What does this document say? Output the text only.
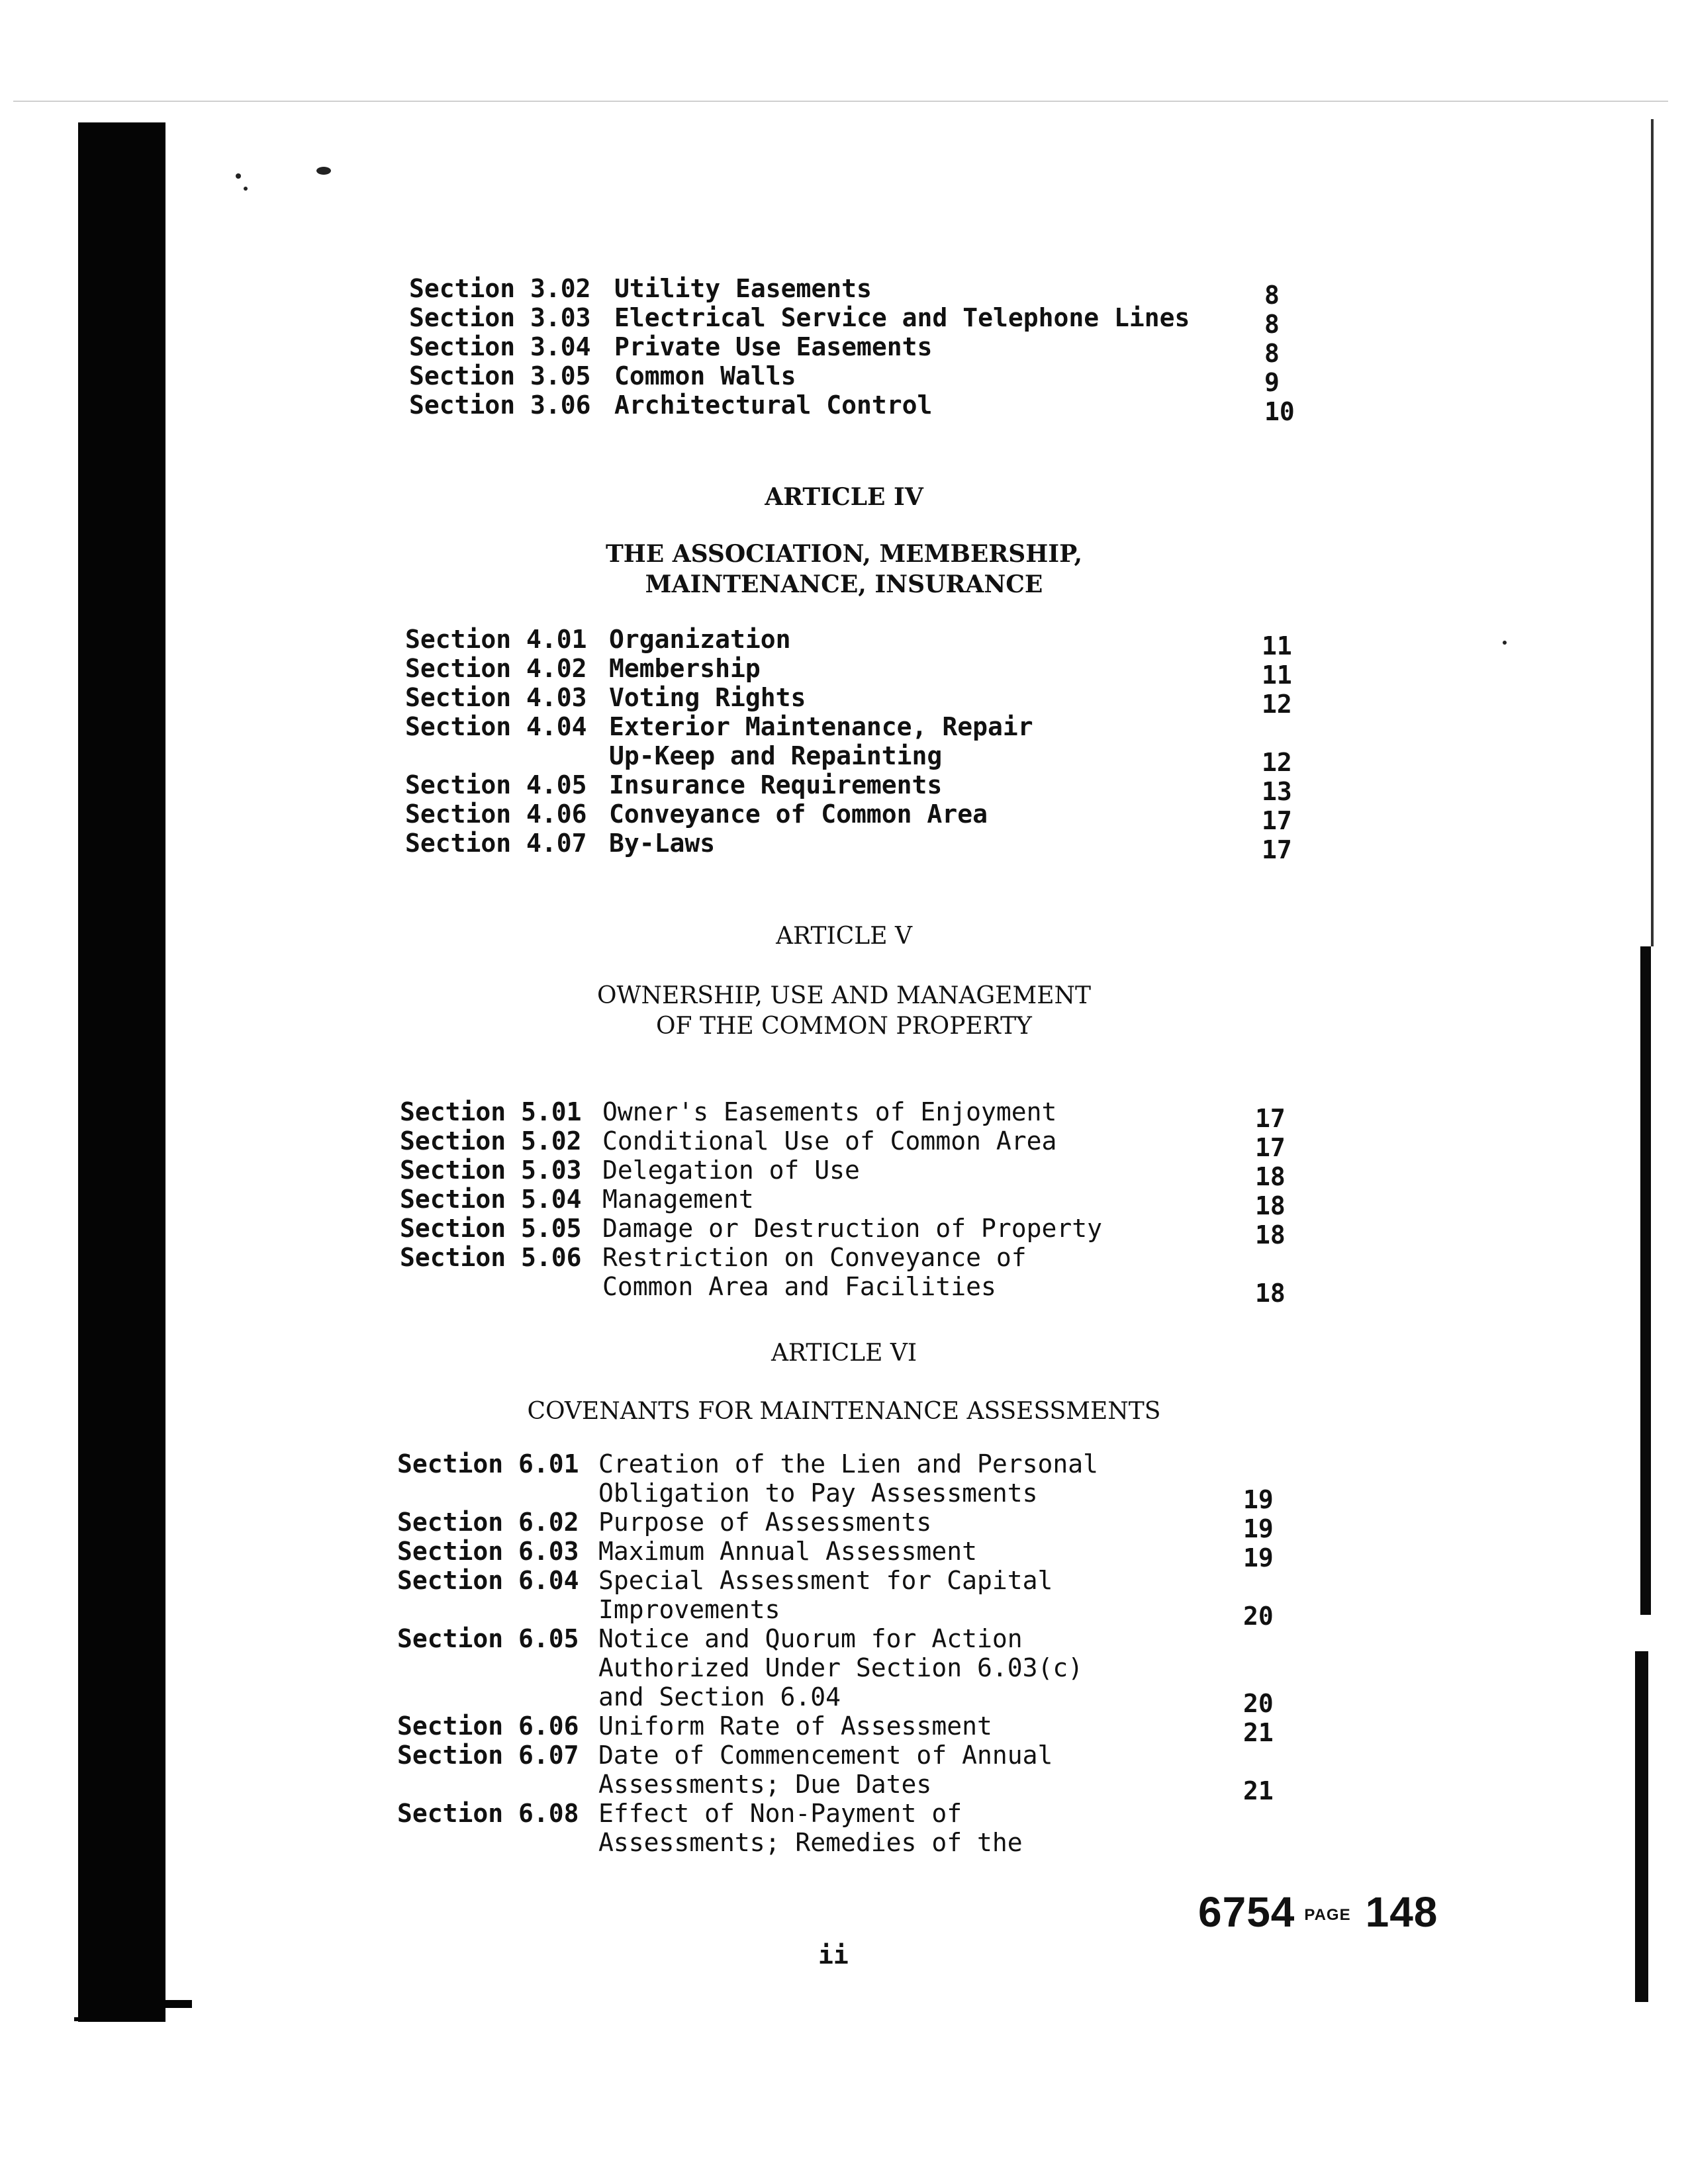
Section 3.02 Utility Easements	8
Section 3.03 Electrical Service and Telephone Lines	8
Section 3.04 Private Use Easements	8
Section 3.05 Common Walls	9
Section 3.06 Architectural Control	10
ARTICLE IV
THE ASSOCIATION, MEMBERSHIP,
MAINTENANCE, INSURANCE
Section 4.01 Organization	11
Section 4.02 Membership	11
Section 4.03 Voting Rights	12
Section 4.04 Exterior Maintenance, Repair
Up-Keep and Repainting	12
Section 4.05 Insurance Requirements	13
Section 4.06 Conveyance of Common Area	17
Section 4.07 By-Laws	17
ARTICLE V
OWNERSHIP, USE AND MANAGEMENT
OF THE COMMON PROPERTY
Section 5.01 Owner's Easements of Enjoyment	17
Section 5.02 Conditional Use of Common Area	17
Section 5.03 Delegation of Use	18
Section 5.04 Management	18
Section 5.05 Damage or Destruction of Property	18
Section 5.06 Restriction on Conveyance of
Common Area and Facilities	18
ARTICLE VI
COVENANTS FOR MAINTENANCE ASSESSMENTS
Section 6.01 Creation of the Lien and Personal
Obligation to Pay Assessments	19
Section 6.02 Purpose of Assessments	19
Section 6.03 Maximum Annual Assessment	19
Section 6.04 Special Assessment for Capital
Improvements	20
Section 6.05 Notice and Quorum for Action
Authorized Under Section 6.03(c)
and Section 6.04	20
Section 6.06 Uniform Rate of Assessment	21
Section 6.07 Date of Commencement of Annual
Assessments; Due Dates	21
Section 6.08 Effect of Non-Payment of
Assessments; Remedies of the
ii
6754 PAGE 148
